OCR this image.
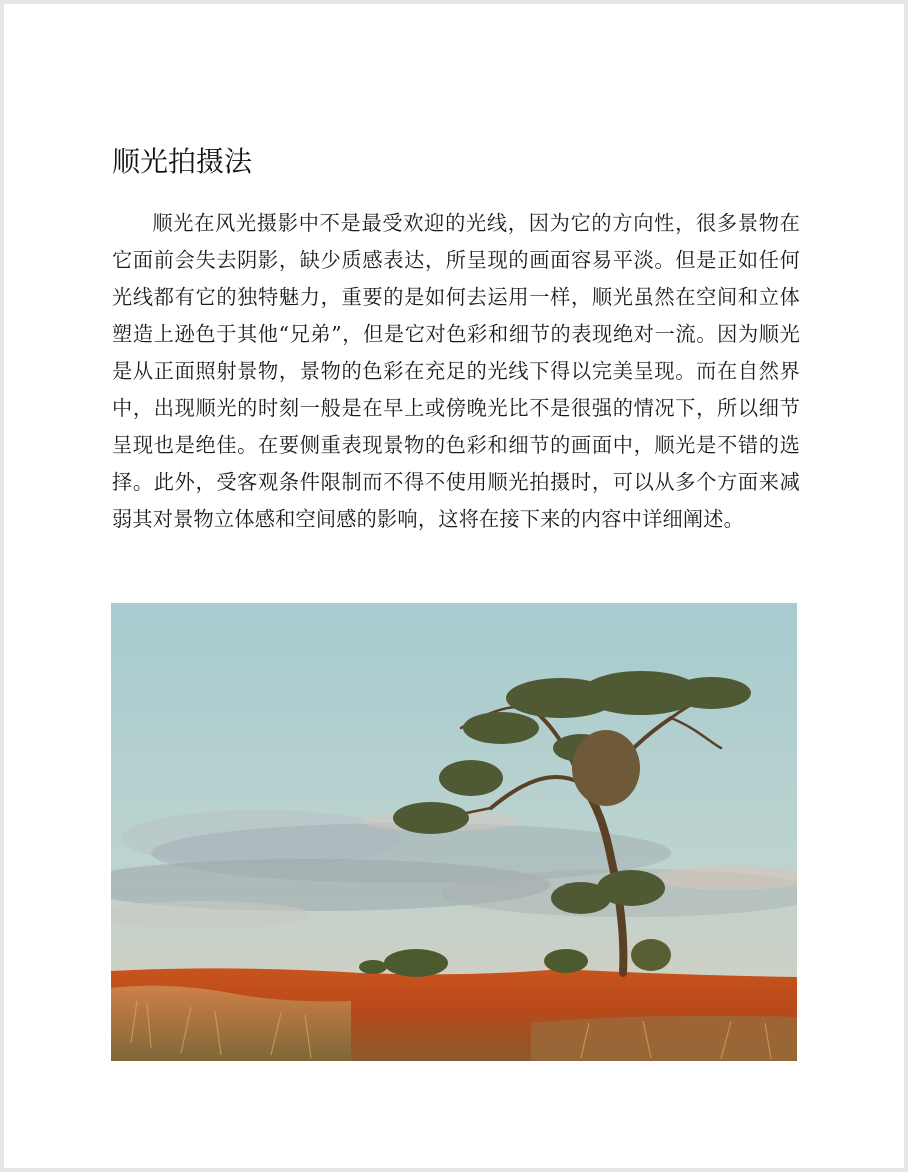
顺光拍摄法

顺光在风光摄影中不是最受欢迎的光线，因为它的方向性，很多景物在它面前会失去阴影，缺少质感表达，所呈现的画面容易平淡。但是正如任何光线都有它的独特魅力，重要的是如何去运用一样，顺光虽然在空间和立体塑造上逊色于其他“兄弟”，但是它对色彩和细节的表现绝对一流。因为顺光是从正面照射景物，景物的色彩在充足的光线下得以完美呈现。而在自然界中，出现顺光的时刻一般是在早上或傍晚光比不是很强的情况下，所以细节呈现也是绝佳。在要侧重表现景物的色彩和细节的画面中，顺光是不错的选择。此外，受客观条件限制而不得不使用顺光拍摄时，可以从多个方面来减弱其对景物立体感和空间感的影响，这将在接下来的内容中详细阐述。
